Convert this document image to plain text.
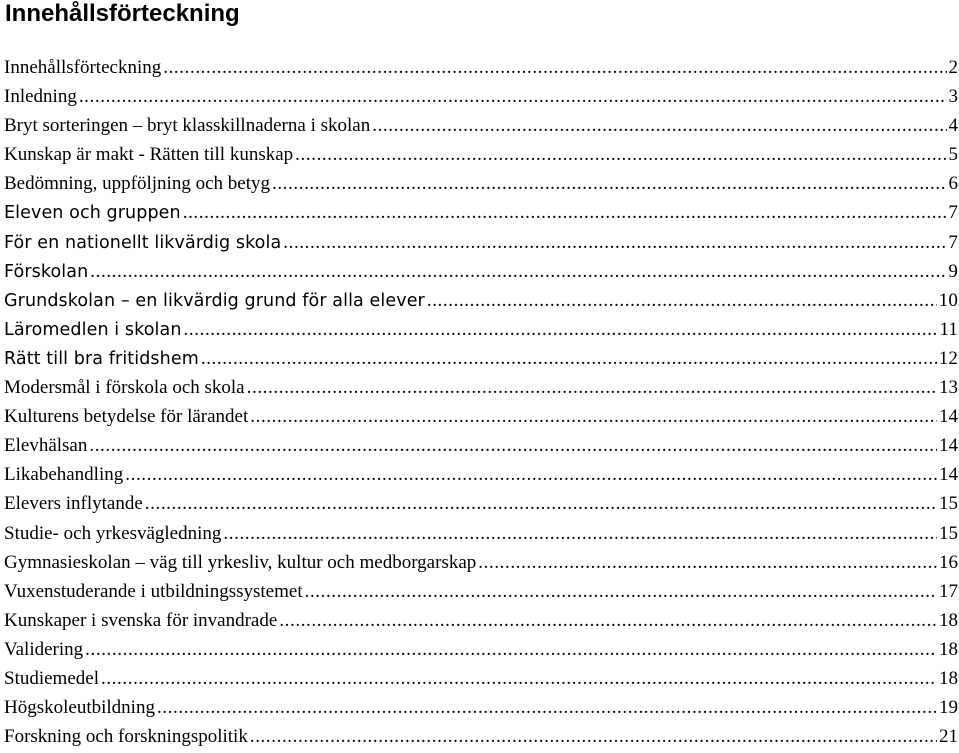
Innehållsförteckning
Innehållsförteckning .....	2
Inledning .....	3
Bryt sorteringen – bryt klasskillnaderna i skolan .....	4
Kunskap är makt - Rätten till kunskap .....	5
Bedömning, uppföljning och betyg .....	6
Eleven och gruppen .....	7
För en nationellt likvärdig skola .....	7
Förskolan .....	9
Grundskolan – en likvärdig grund för alla elever .....	10
Läromedlen i skolan .....	11
Rätt till bra fritidshem .....	12
Modersmål i förskola och skola .....	13
Kulturens betydelse för lärandet .....	14
Elevhälsan .....	14
Likabehandling .....	14
Elevers inflytande .....	15
Studie- och yrkesvägledning .....	15
Gymnasieskolan – väg till yrkesliv, kultur och medborgarskap .....	16
Vuxenstuderande i utbildningssystemet .....	17
Kunskaper i svenska för invandrade .....	18
Validering .....	18
Studiemedel .....	18
Högskoleutbildning .....	19
Forskning och forskningspolitik .....	21
